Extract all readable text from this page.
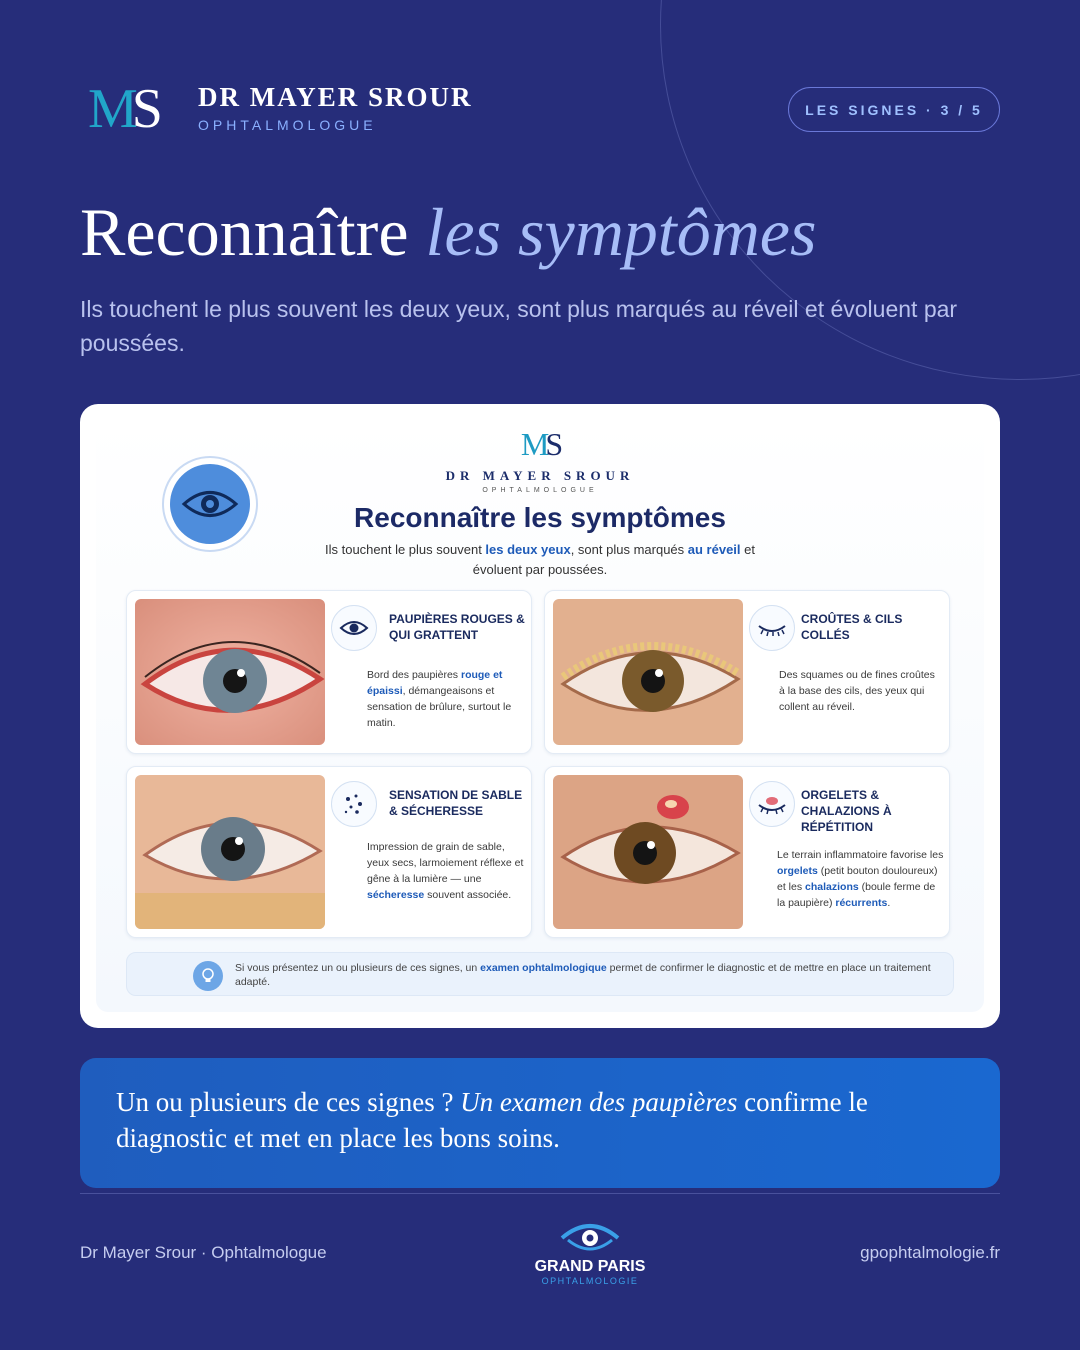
MS	DR MAYER SROUR
OPHTALMOLOGUE
LES SIGNES · 3 / 5
Reconnaître les symptômes
Ils touchent le plus souvent les deux yeux, sont plus marqués au réveil et évoluent par poussées.
MS
DR MAYER SROUR
OPHTALMOLOGUE
Reconnaître les symptômes
Ils touchent le plus souvent les deux yeux, sont plus marqués au réveil et évoluent par poussées.
PAUPIÈRES ROUGES & QUI GRATTENT
Bord des paupières rouge et épaissi, démangeaisons et sensation de brûlure, surtout le matin.
CROÛTES & CILS COLLÉS
Des squames ou de fines croûtes à la base des cils, des yeux qui collent au réveil.
SENSATION DE SABLE & SÉCHERESSE
Impression de grain de sable, yeux secs, larmoiement réflexe et gêne à la lumière — une sécheresse souvent associée.
ORGELETS & CHALAZIONS À RÉPÉTITION
Le terrain inflammatoire favorise les orgelets (petit bouton douloureux) et les chalazions (boule ferme de la paupière) récurrents.
Si vous présentez un ou plusieurs de ces signes, un examen ophtalmologique permet de confirmer le diagnostic et de mettre en place un traitement adapté.
Un ou plusieurs de ces signes ? Un examen des paupières confirme le diagnostic et met en place les bons soins.
Dr Mayer Srour · Ophtalmologue
GRAND PARIS
OPHTALMOLOGIE
gpophtalmologie.fr
